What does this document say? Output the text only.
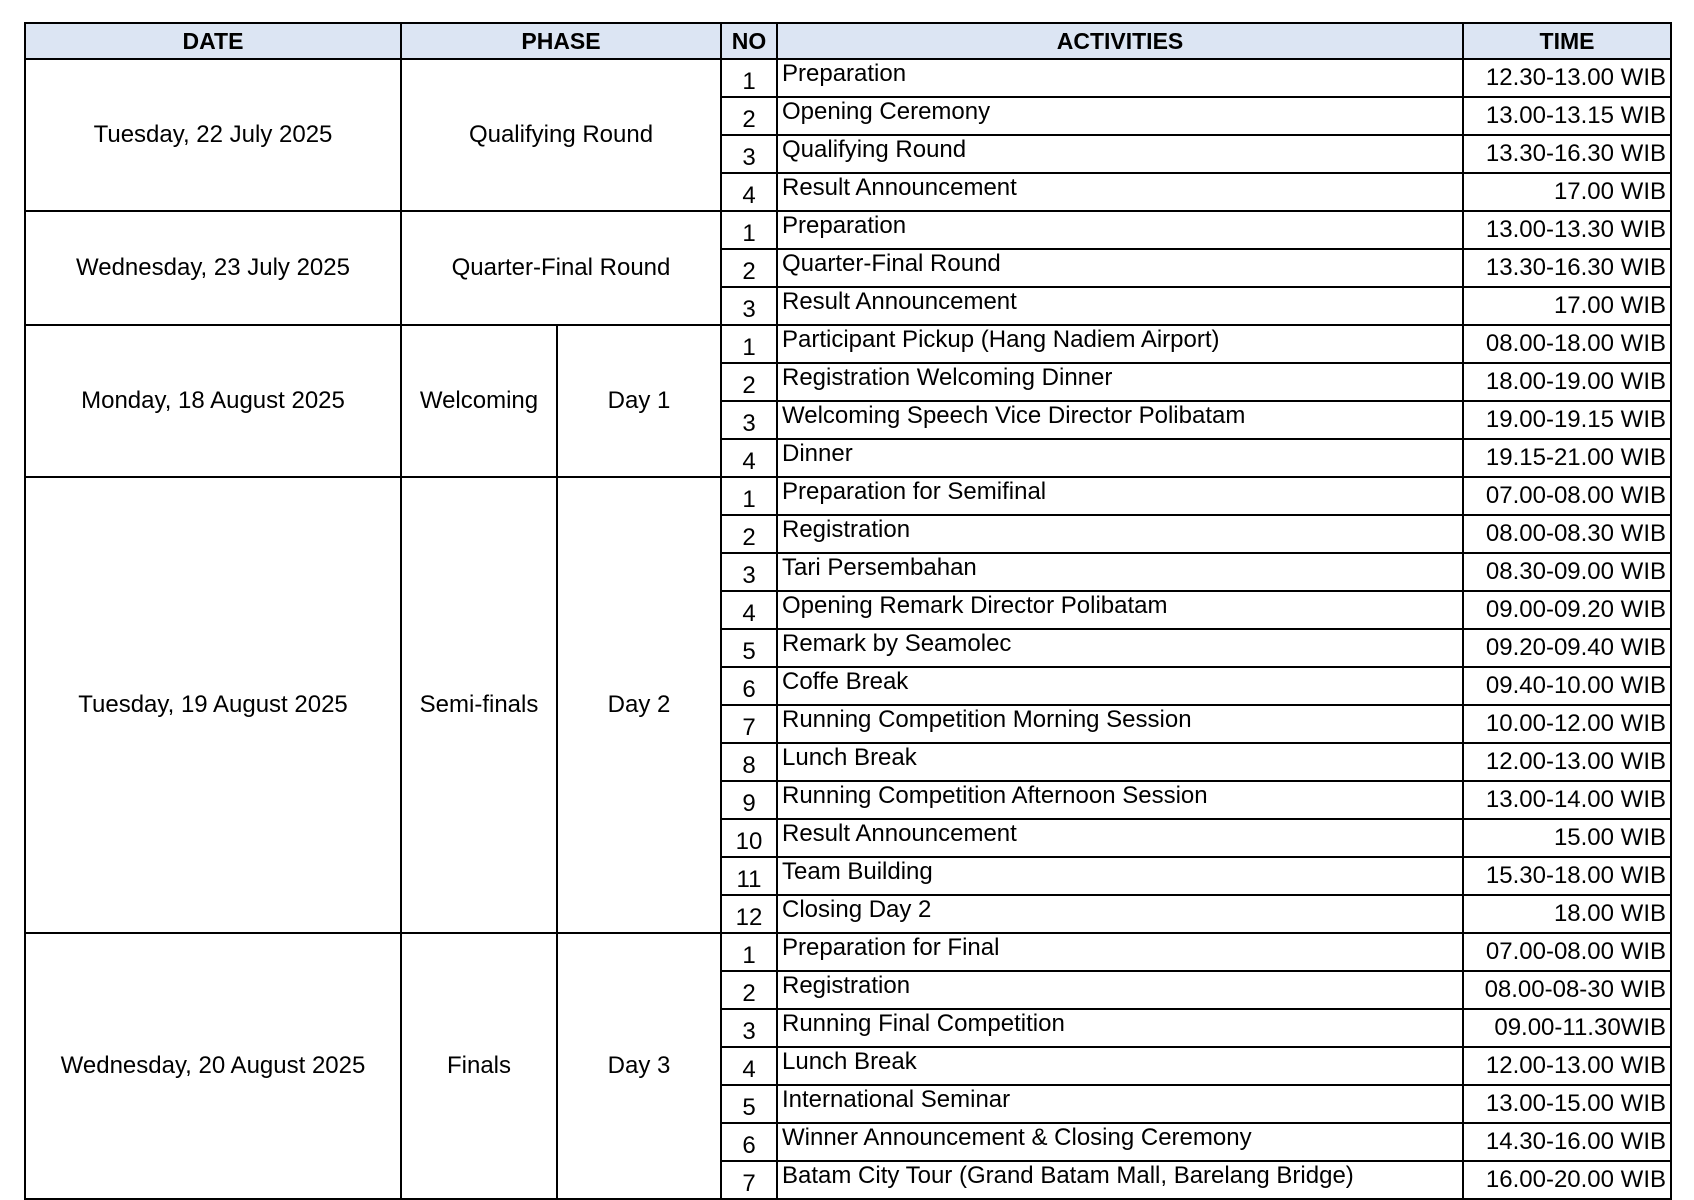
DATE	PHASE		NO	ACTIVITIES	TIME
Tuesday, 22 July 2025	Qualifying Round		1	Preparation	12.30-13.00 WIB
			2	Opening Ceremony	13.00-13.15 WIB
			3	Qualifying Round	13.30-16.30 WIB
			4	Result Announcement	17.00 WIB
Wednesday, 23 July 2025	Quarter-Final Round		1	Preparation	13.00-13.30 WIB
			2	Quarter-Final Round	13.30-16.30 WIB
			3	Result Announcement	17.00 WIB
Monday, 18 August 2025	Welcoming	Day 1	1	Participant Pickup (Hang Nadiem Airport)	08.00-18.00 WIB
			2	Registration Welcoming Dinner	18.00-19.00 WIB
			3	Welcoming Speech Vice Director Polibatam	19.00-19.15 WIB
			4	Dinner	19.15-21.00 WIB
Tuesday, 19 August 2025	Semi-finals	Day 2	1	Preparation for Semifinal	07.00-08.00 WIB
			2	Registration	08.00-08.30 WIB
			3	Tari Persembahan	08.30-09.00 WIB
			4	Opening Remark Director Polibatam	09.00-09.20 WIB
			5	Remark by Seamolec	09.20-09.40 WIB
			6	Coffe Break	09.40-10.00 WIB
			7	Running Competition Morning Session	10.00-12.00 WIB
			8	Lunch Break	12.00-13.00 WIB
			9	Running Competition Afternoon Session	13.00-14.00 WIB
			10	Result Announcement	15.00 WIB
			11	Team Building	15.30-18.00 WIB
			12	Closing Day 2	18.00 WIB
Wednesday, 20 August 2025	Finals	Day 3	1	Preparation for Final	07.00-08.00 WIB
			2	Registration	08.00-08-30 WIB
			3	Running Final Competition	09.00-11.30WIB
			4	Lunch Break	12.00-13.00 WIB
			5	International Seminar	13.00-15.00 WIB
			6	Winner Announcement & Closing Ceremony	14.30-16.00 WIB
			7	Batam City Tour (Grand Batam Mall, Barelang Bridge)	16.00-20.00 WIB
